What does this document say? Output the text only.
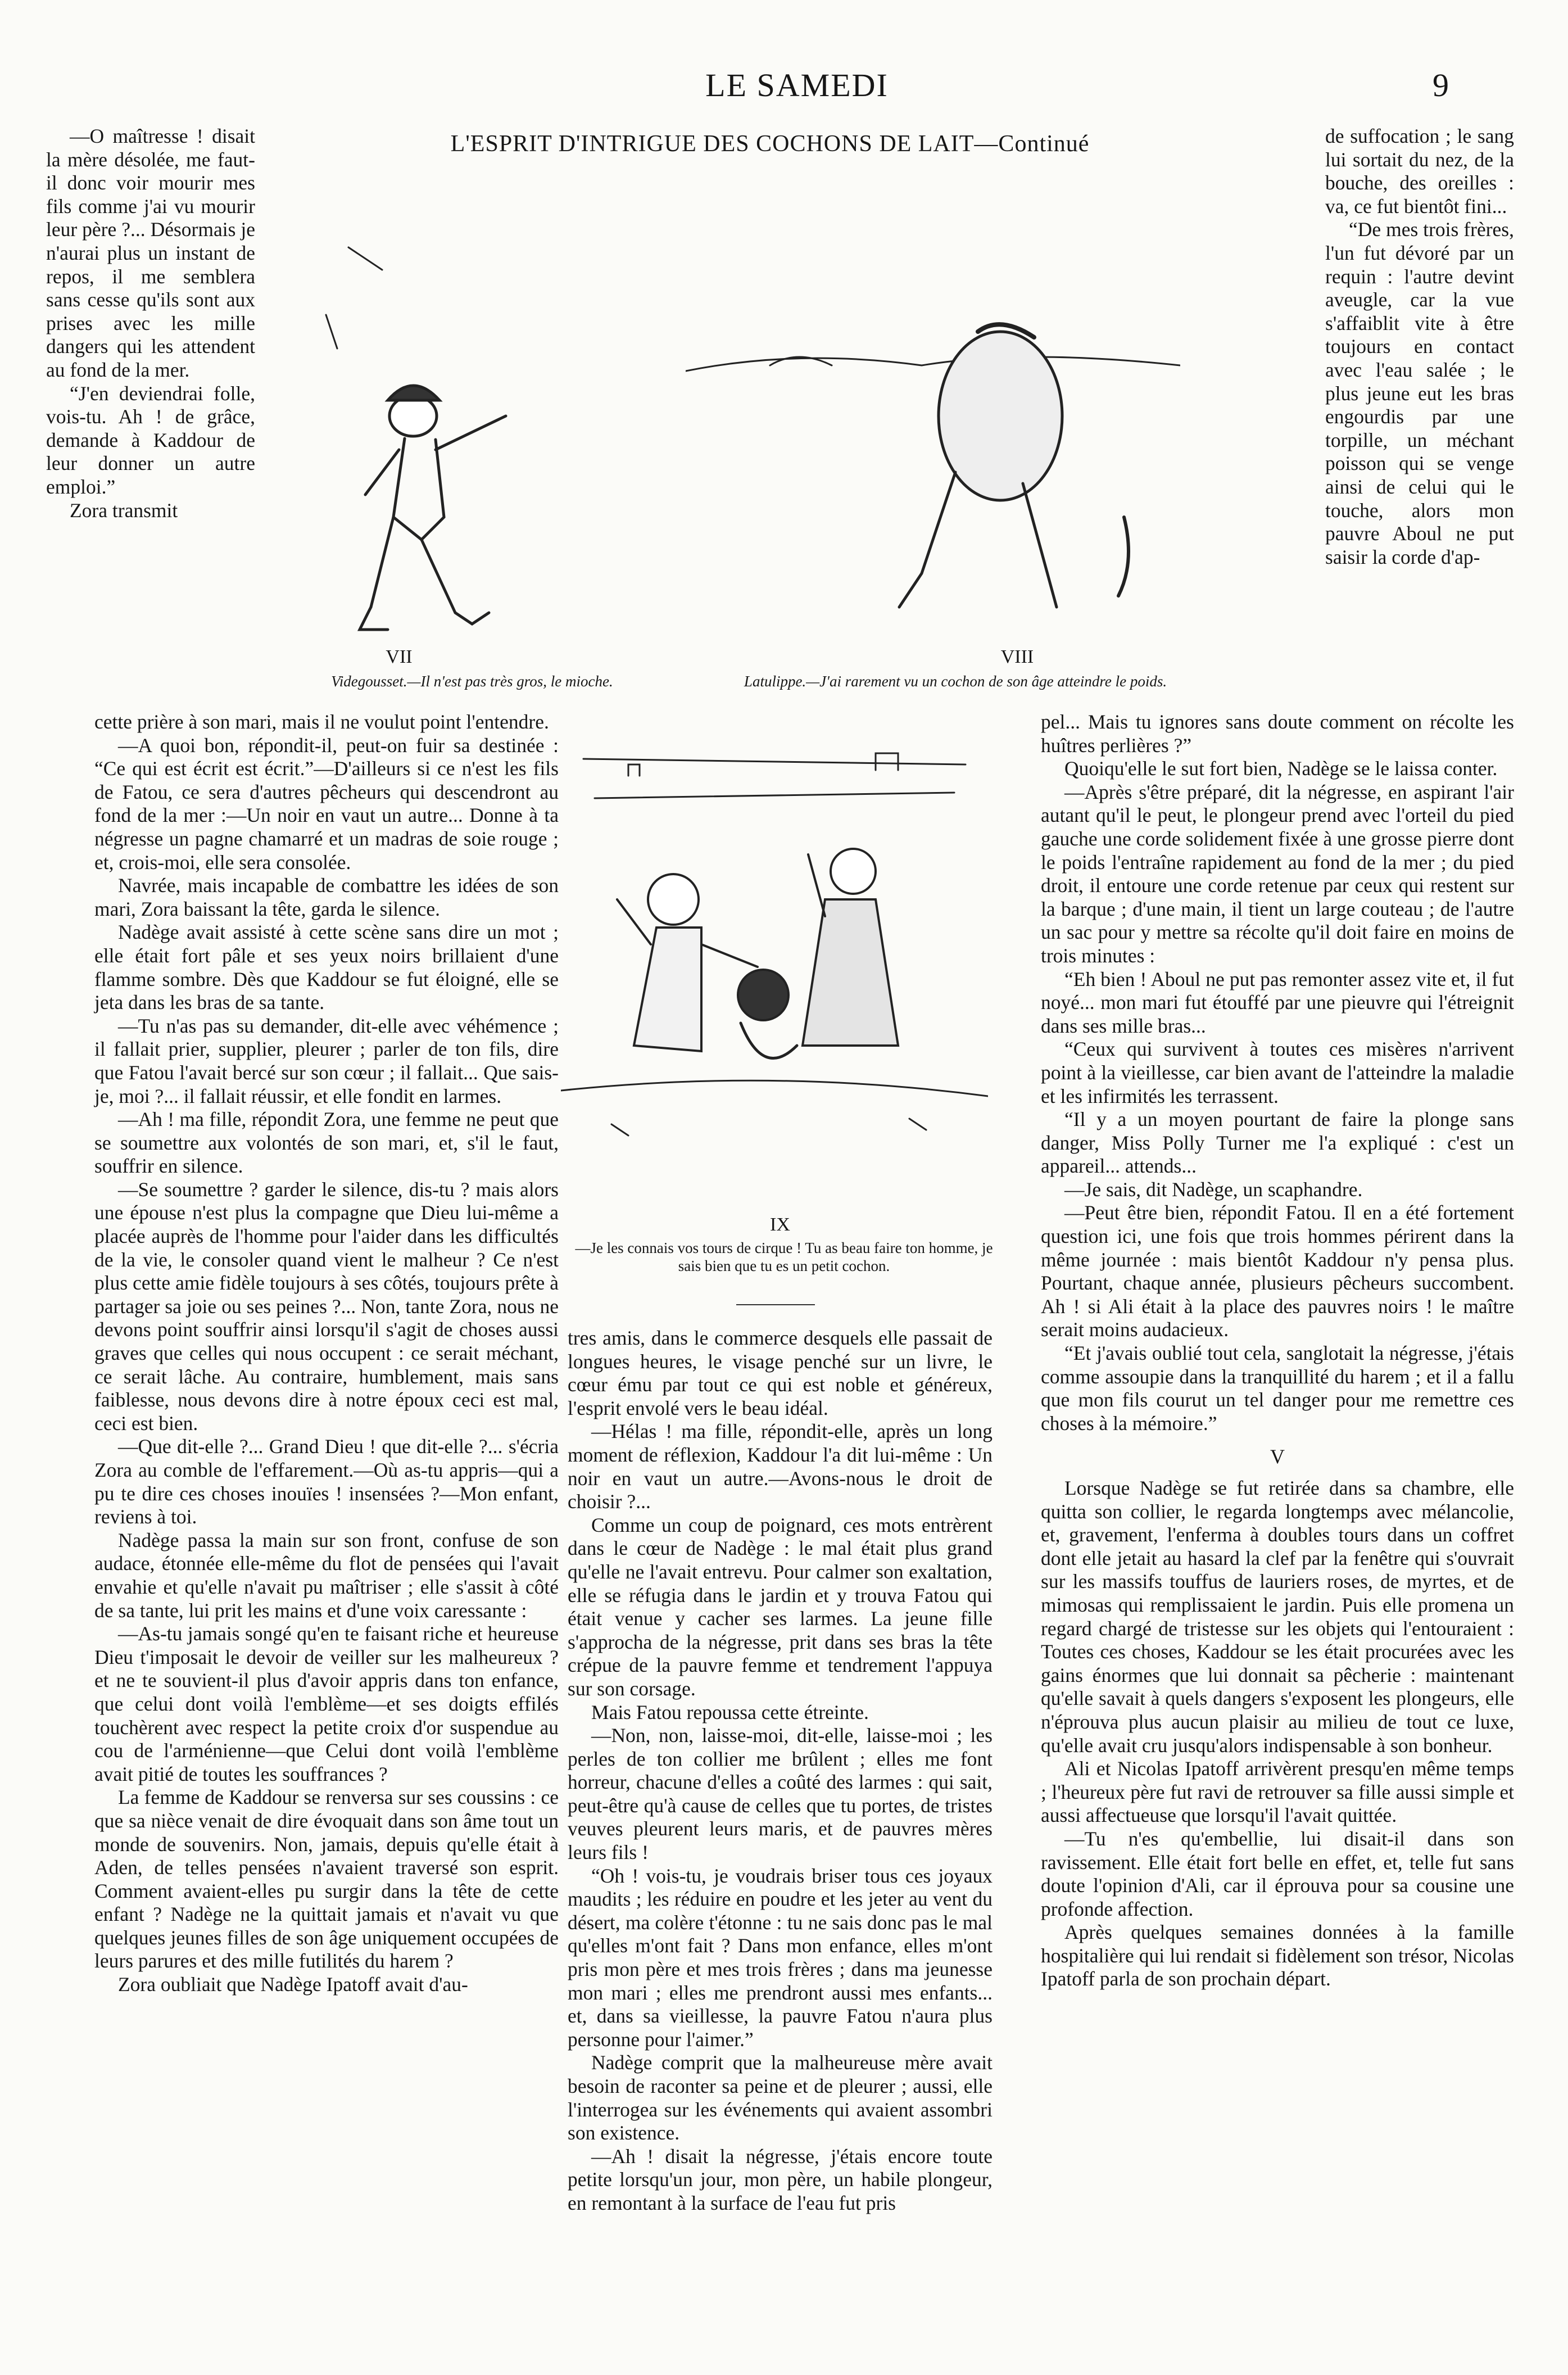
LE SAMEDI	9
L'ESPRIT D'INTRIGUE DES COCHONS DE LAIT—Continué

—O maîtresse ! disait la mère désolée, me faut-il donc voir mourir mes fils comme j'ai vu mourir leur père ?... Désormais je n'aurai plus un instant de repos, il me semblera sans cesse qu'ils sont aux prises avec les mille dangers qui les attendent au fond de la mer.

“J'en deviendrai folle, vois-tu. Ah ! de grâce, demande à Kaddour de leur donner un autre emploi.”

Zora transmit

VII
Videgousset.—Il n'est pas très gros, le mioche.
VIII
Latulippe.—J'ai rarement vu un cochon de son âge atteindre le poids.

de suffocation ; le sang lui sortait du nez, de la bouche, des oreilles : va, ce fut bientôt fini...

“De mes trois frères, l'un fut dévoré par un requin : l'autre devint aveugle, car la vue s'affaiblit vite à être toujours en contact avec l'eau salée ; le plus jeune eut les bras engourdis par une torpille, un méchant poisson qui se venge ainsi de celui qui le touche, alors mon pauvre Aboul ne put saisir la corde d'ap-

cette prière à son mari, mais il ne voulut point l'entendre.

—A quoi bon, répondit-il, peut-on fuir sa destinée : “Ce qui est écrit est écrit.”—D'ailleurs si ce n'est les fils de Fatou, ce sera d'autres pêcheurs qui descendront au fond de la mer :—Un noir en vaut un autre... Donne à ta négresse un pagne chamarré et un madras de soie rouge ; et, crois-moi, elle sera consolée.

Navrée, mais incapable de combattre les idées de son mari, Zora baissant la tête, garda le silence.

Nadège avait assisté à cette scène sans dire un mot ; elle était fort pâle et ses yeux noirs brillaient d'une flamme sombre. Dès que Kaddour se fut éloigné, elle se jeta dans les bras de sa tante.

—Tu n'as pas su demander, dit-elle avec véhémence ; il fallait prier, supplier, pleurer ; parler de ton fils, dire que Fatou l'avait bercé sur son cœur ; il fallait... Que sais-je, moi ?... il fallait réussir, et elle fondit en larmes.

—Ah ! ma fille, répondit Zora, une femme ne peut que se soumettre aux volontés de son mari, et, s'il le faut, souffrir en silence.

—Se soumettre ? garder le silence, dis-tu ? mais alors une épouse n'est plus la compagne que Dieu lui-même a placée auprès de l'homme pour l'aider dans les difficultés de la vie, le consoler quand vient le malheur ? Ce n'est plus cette amie fidèle toujours à ses côtés, toujours prête à partager sa joie ou ses peines ?... Non, tante Zora, nous ne devons point souffrir ainsi lorsqu'il s'agit de choses aussi graves que celles qui nous occupent : ce serait méchant, ce serait lâche. Au contraire, humblement, mais sans faiblesse, nous devons dire à notre époux ceci est mal, ceci est bien.

—Que dit-elle ?... Grand Dieu ! que dit-elle ?... s'écria Zora au comble de l'effarement.—Où as-tu appris—qui a pu te dire ces choses inouïes ! insensées ?—Mon enfant, reviens à toi.

Nadège passa la main sur son front, confuse de son audace, étonnée elle-même du flot de pensées qui l'avait envahie et qu'elle n'avait pu maîtriser ; elle s'assit à côté de sa tante, lui prit les mains et d'une voix caressante :

—As-tu jamais songé qu'en te faisant riche et heureuse Dieu t'imposait le devoir de veiller sur les malheureux ? et ne te souvient-il plus d'avoir appris dans ton enfance, que celui dont voilà l'emblème—et ses doigts effilés touchèrent avec respect la petite croix d'or suspendue au cou de l'arménienne—que Celui dont voilà l'emblème avait pitié de toutes les souffrances ?

La femme de Kaddour se renversa sur ses coussins : ce que sa nièce venait de dire évoquait dans son âme tout un monde de souvenirs. Non, jamais, depuis qu'elle était à Aden, de telles pensées n'avaient traversé son esprit. Comment avaient-elles pu surgir dans la tête de cette enfant ? Nadège ne la quittait jamais et n'avait vu que quelques jeunes filles de son âge uniquement occupées de leurs parures et des mille futilités du harem ?

Zora oubliait que Nadège Ipatoff avait d'au-

IX
—Je les connais vos tours de cirque ! Tu as beau faire ton homme, je sais bien que tu es un petit cochon.

tres amis, dans le commerce desquels elle passait de longues heures, le visage penché sur un livre, le cœur ému par tout ce qui est noble et généreux, l'esprit envolé vers le beau idéal.

—Hélas ! ma fille, répondit-elle, après un long moment de réflexion, Kaddour l'a dit lui-même : Un noir en vaut un autre.—Avons-nous le droit de choisir ?...

Comme un coup de poignard, ces mots entrèrent dans le cœur de Nadège : le mal était plus grand qu'elle ne l'avait entrevu. Pour calmer son exaltation, elle se réfugia dans le jardin et y trouva Fatou qui était venue y cacher ses larmes. La jeune fille s'approcha de la négresse, prit dans ses bras la tête crépue de la pauvre femme et tendrement l'appuya sur son corsage.

Mais Fatou repoussa cette étreinte.

—Non, non, laisse-moi, dit-elle, laisse-moi ; les perles de ton collier me brûlent ; elles me font horreur, chacune d'elles a coûté des larmes : qui sait, peut-être qu'à cause de celles que tu portes, de tristes veuves pleurent leurs maris, et de pauvres mères leurs fils !

“Oh ! vois-tu, je voudrais briser tous ces joyaux maudits ; les réduire en poudre et les jeter au vent du désert, ma colère t'étonne : tu ne sais donc pas le mal qu'elles m'ont fait ? Dans mon enfance, elles m'ont pris mon père et mes trois frères ; dans ma jeunesse mon mari ; elles me prendront aussi mes enfants... et, dans sa vieillesse, la pauvre Fatou n'aura plus personne pour l'aimer.”

Nadège comprit que la malheureuse mère avait besoin de raconter sa peine et de pleurer ; aussi, elle l'interrogea sur les événements qui avaient assombri son existence.

—Ah ! disait la négresse, j'étais encore toute petite lorsqu'un jour, mon père, un habile plongeur, en remontant à la surface de l'eau fut pris

pel... Mais tu ignores sans doute comment on récolte les huîtres perlières ?”

Quoiqu'elle le sut fort bien, Nadège se le laissa conter.

—Après s'être préparé, dit la négresse, en aspirant l'air autant qu'il le peut, le plongeur prend avec l'orteil du pied gauche une corde solidement fixée à une grosse pierre dont le poids l'entraîne rapidement au fond de la mer ; du pied droit, il entoure une corde retenue par ceux qui restent sur la barque ; d'une main, il tient un large couteau ; de l'autre un sac pour y mettre sa récolte qu'il doit faire en moins de trois minutes :

“Eh bien ! Aboul ne put pas remonter assez vite et, il fut noyé... mon mari fut étouffé par une pieuvre qui l'étreignit dans ses mille bras...

“Ceux qui survivent à toutes ces misères n'arrivent point à la vieillesse, car bien avant de l'atteindre la maladie et les infirmités les terrassent.

“Il y a un moyen pourtant de faire la plonge sans danger, Miss Polly Turner me l'a expliqué : c'est un appareil... attends...

—Je sais, dit Nadège, un scaphandre.

—Peut être bien, répondit Fatou. Il en a été fortement question ici, une fois que trois hommes périrent dans la même journée : mais bientôt Kaddour n'y pensa plus. Pourtant, chaque année, plusieurs pêcheurs succombent. Ah ! si Ali était à la place des pauvres noirs ! le maître serait moins audacieux.

“Et j'avais oublié tout cela, sanglotait la négresse, j'étais comme assoupie dans la tranquillité du harem ; et il a fallu que mon fils courut un tel danger pour me remettre ces choses à la mémoire.”

V

Lorsque Nadège se fut retirée dans sa chambre, elle quitta son collier, le regarda longtemps avec mélancolie, et, gravement, l'enferma à doubles tours dans un coffret dont elle jetait au hasard la clef par la fenêtre qui s'ouvrait sur les massifs touffus de lauriers roses, de myrtes, et de mimosas qui remplissaient le jardin. Puis elle promena un regard chargé de tristesse sur les objets qui l'entouraient : Toutes ces choses, Kaddour se les était procurées avec les gains énormes que lui donnait sa pêcherie : maintenant qu'elle savait à quels dangers s'exposent les plongeurs, elle n'éprouva plus aucun plaisir au milieu de tout ce luxe, qu'elle avait cru jusqu'alors indispensable à son bonheur.

Ali et Nicolas Ipatoff arrivèrent presqu'en même temps ; l'heureux père fut ravi de retrouver sa fille aussi simple et aussi affectueuse que lorsqu'il l'avait quittée.

—Tu n'es qu'embellie, lui disait-il dans son ravissement. Elle était fort belle en effet, et, telle fut sans doute l'opinion d'Ali, car il éprouva pour sa cousine une profonde affection.

Après quelques semaines données à la famille hospitalière qui lui rendait si fidèlement son trésor, Nicolas Ipatoff parla de son prochain départ.
